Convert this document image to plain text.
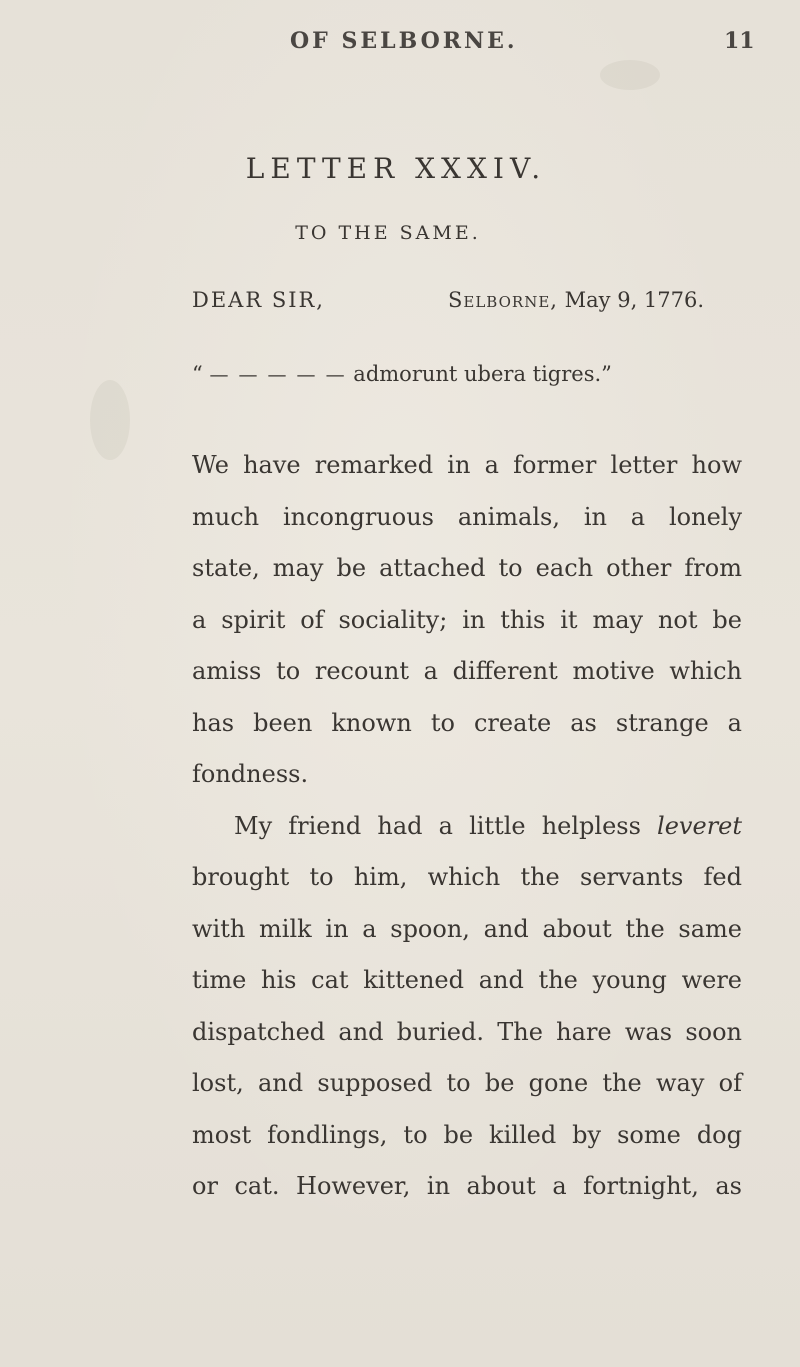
OF SELBORNE.	11
LETTER XXXIV.
TO THE SAME.
DEAR SIR,	Selborne, May 9, 1776.
“ — — — — — admorunt ubera tigres.”
We have remarked in a former letter how
much incongruous animals, in a lonely
state, may be attached to each other from
a spirit of sociality; in this it may not be
amiss to recount a different motive which
has been known to create as strange a
fondness.
My friend had a little helpless leveret
brought to him, which the servants fed
with milk in a spoon, and about the same
time his cat kittened and the young were
dispatched and buried. The hare was soon
lost, and supposed to be gone the way of
most fondlings, to be killed by some dog
or cat. However, in about a fortnight, as
